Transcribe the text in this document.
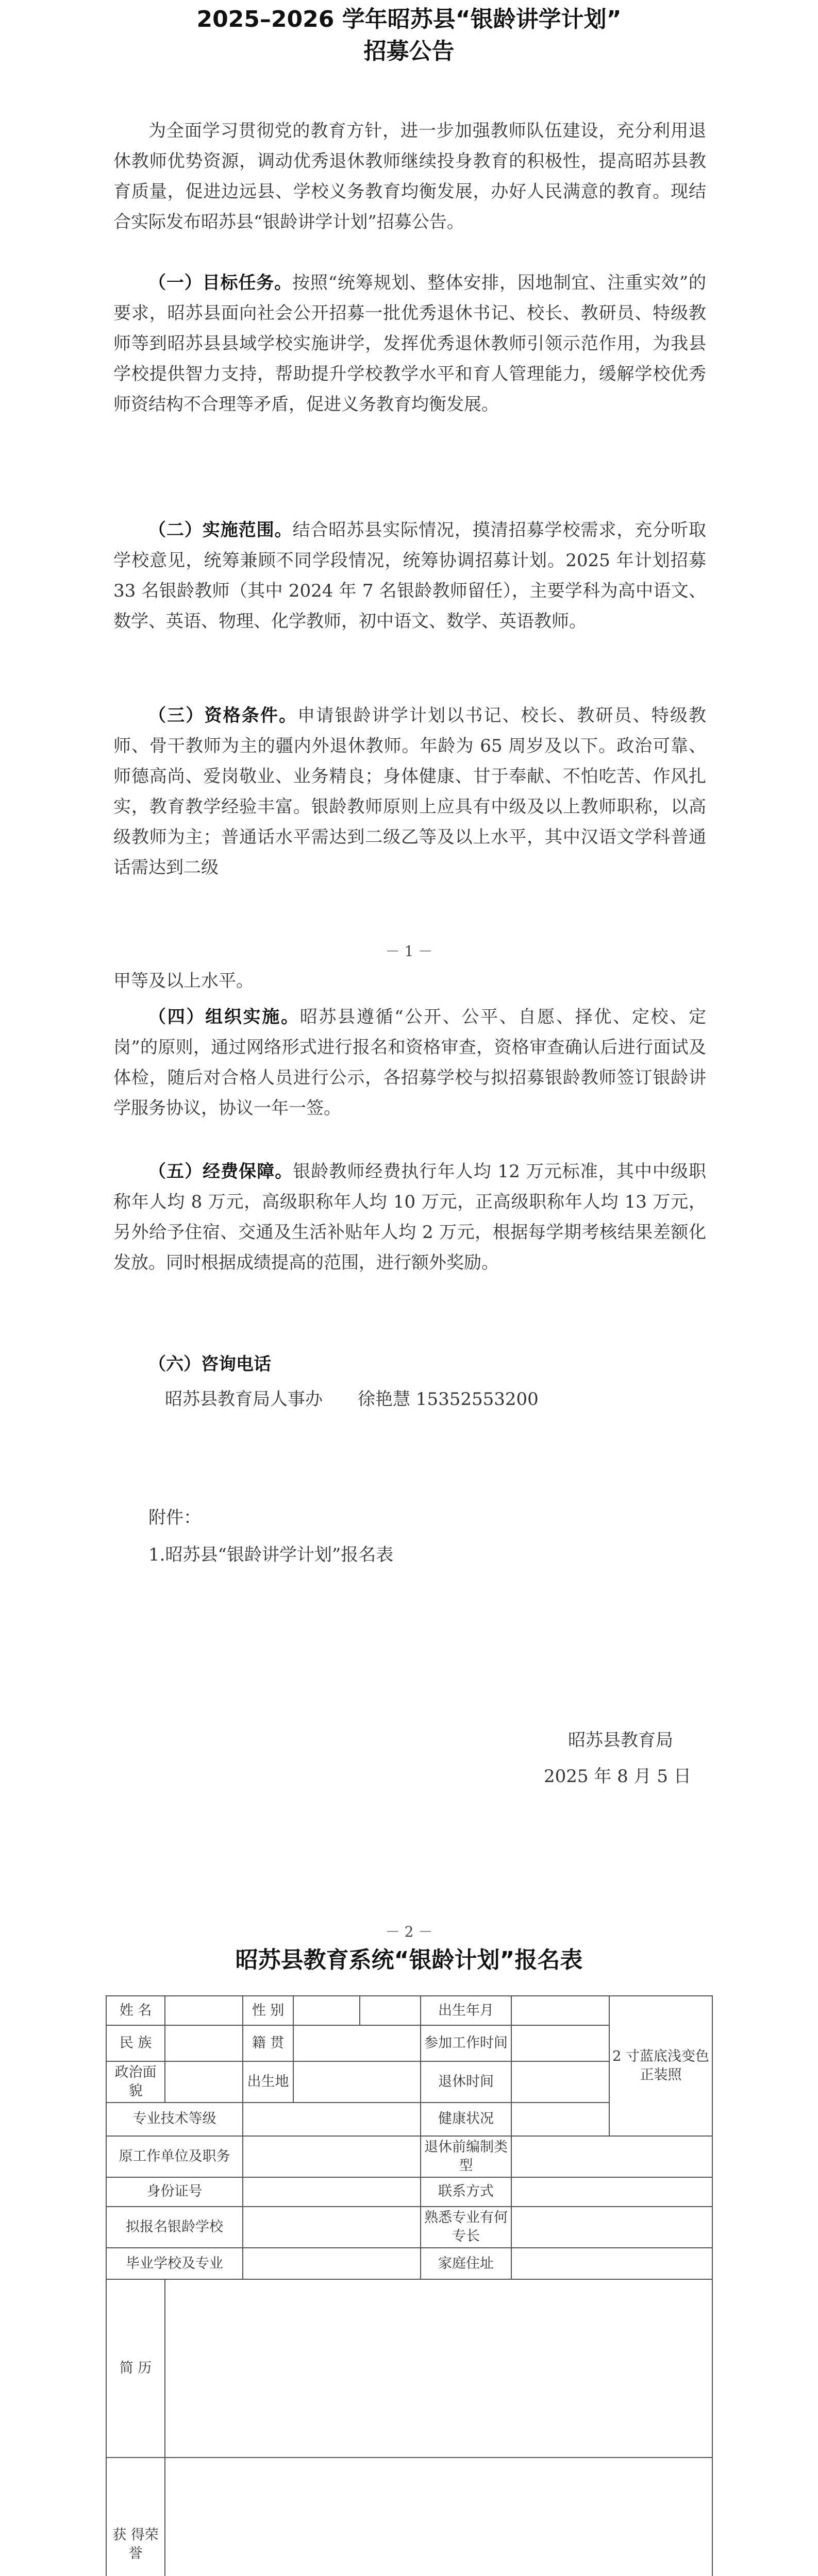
2025–2026 学年昭苏县“银龄讲学计划”
招募公告

为全面学习贯彻党的教育方针，进一步加强教师队伍建设，充分利用退休教师优势资源，调动优秀退休教师继续投身教育的积极性，提高昭苏县教育质量，促进边远县、学校义务教育均衡发展，办好人民满意的教育。现结合实际发布昭苏县“银龄讲学计划”招募公告。

（一）目标任务。按照“统筹规划、整体安排，因地制宜、注重实效”的要求，昭苏县面向社会公开招募一批优秀退休书记、校长、教研员、特级教师等到昭苏县县域学校实施讲学，发挥优秀退休教师引领示范作用，为我县学校提供智力支持，帮助提升学校教学水平和育人管理能力，缓解学校优秀师资结构不合理等矛盾，促进义务教育均衡发展。

（二）实施范围。结合昭苏县实际情况，摸清招募学校需求，充分听取学校意见，统筹兼顾不同学段情况，统筹协调招募计划。2025 年计划招募 33 名银龄教师（其中 2024 年 7 名银龄教师留任），主要学科为高中语文、数学、英语、物理、化学教师，初中语文、数学、英语教师。

（三）资格条件。申请银龄讲学计划以书记、校长、教研员、特级教师、骨干教师为主的疆内外退休教师。年龄为 65 周岁及以下。政治可靠、师德高尚、爱岗敬业、业务精良；身体健康、甘于奉献、不怕吃苦、作风扎实，教育教学经验丰富。银龄教师原则上应具有中级及以上教师职称，以高级教师为主；普通话水平需达到二级乙等及以上水平，其中汉语文学科普通话需达到二级

－ 1 －

甲等及以上水平。

（四）组织实施。昭苏县遵循“公开、公平、自愿、择优、定校、定岗”的原则，通过网络形式进行报名和资格审查，资格审查确认后进行面试及体检，随后对合格人员进行公示，各招募学校与拟招募银龄教师签订银龄讲学服务协议，协议一年一签。

（五）经费保障。银龄教师经费执行年人均 12 万元标准，其中中级职称年人均 8 万元，高级职称年人均 10 万元，正高级职称年人均 13 万元，另外给予住宿、交通及生活补贴年人均 2 万元，根据每学期考核结果差额化发放。同时根据成绩提高的范围，进行额外奖励。

（六）咨询电话
昭苏县教育局人事办　　徐艳慧 15352553200
附件：
1.昭苏县“银龄讲学计划”报名表
昭苏县教育局
2025 年 8 月 5 日
－ 2 －
昭苏县教育系统“银龄计划”报名表
姓 名		性 别			出生年月		2 寸蓝底浅变色正装照
民 族		籍 贯			参加工作时间		
政治面貌		出生地			退休时间		
专业技术等级					健康状况		
原工作单位及职务					退休前编制类型		
身份证号					联系方式		
拟报名银龄学校					熟悉专业有何专长		
毕业学校及专业					家庭住址		
简 历							
获 得荣 誉							
